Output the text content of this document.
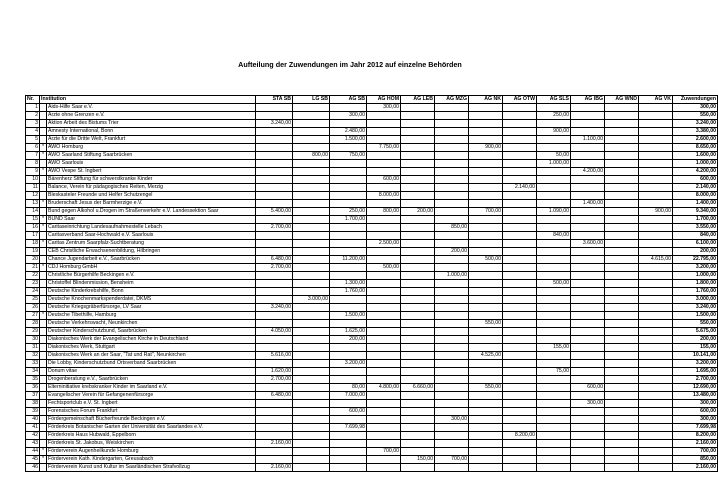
Aufteilung der Zuwendungen im Jahr 2012 auf einzelne Behörden
Nr.	Institution		STA SB	LG SB	AG SB	AG HOM	AG LEB	AG MZG	AG NK	AG OTW	AG SLS	AG IBG	AG WND	AG VK	Zuwendungen
1		Aids-Hilfe Saar e.V.				300,00									300,00
2		Ärzte ohne Grenzen e.V.			300,00						250,00				550,00
3		Aktion Arbeit des Bistums Trier	3.240,00												3.240,00
4		Amnesty International, Bonn			2.480,00						900,00				3.380,00
5		Ärzte für die Dritte Welt, Frankfurt			1.500,00							1.100,00			2.600,00
6	*	AWO Homburg				7.750,00			900,00						8.650,00
7	*	AWO Saarland Stiftung Saarbrücken		800,00	750,00						50,00				1.600,00
8		AWO Saarlouis									1.000,00				1.000,00
9	*	AWO Vespe St. Ingbert										4.200,00			4.200,00
10		Bärenherz Stiftung für schwerstkranke Kinder				600,00									600,00
11		Balance, Verein für pädagogisches Reiten, Merzig								2.140,00					2.140,00
12		Bleskasteler Freunde und Helfer Schutzengel				8.000,00									8.000,00
13	*	Bruderschaft Jesus der Barmherzige e.V.										1.400,00			1.400,00
14		Bund gegen Alkohol u.Drogen im Straßenverkehr e.V. Landessektion Saar	5.400,00		250,00	800,00	200,00		700,00		1.090,00			900,00	9.340,00
15	*	BUND Saar			1.700,00										1.700,00
16	*	Caritaseinrichtung Landesaufnahmestelle Lebach	2.700,00					850,00							3.550,00
17		Caritasverband Saar-Hochwald e.V. Saarlouis									840,00				840,00
18	*	Caritas Zentrum Saarpfalz-Suchtberatung				2.500,00						3.600,00			6.100,00
19		CEB Christliche Erwachsenenbildung, Hilbringen						200,00							200,00
20		Chance Jugendarbeit e.V., Saarbrücken	6.480,00		11.200,00				500,00					4.615,00	22.795,00
21	*	CDJ Homburg GmbH	2.700,00			500,00									3.200,00
22		Christliche Bürgerhilfe Beckingen e.V.						1.000,00							1.000,00
23		Christoffel Blindenmission, Bensheim			1.300,00						500,00				1.800,00
24		Deutsche Kinderkrebshilfe, Bonn			1.760,00										1.760,00
25		Deutsche Knochenmarkspenderdatei, DKMS		3.000,00											3.000,00
26		Deutsche Kriegsgräberfürsorge, LV Saar	3.240,00												3.240,00
27	*	Deutsche Tibethilfe, Hamburg			1.500,00										1.500,00
28		Deutsche Verkehrswacht, Neunkirchen							550,00						550,00
29		Deutscher Kinderschutzbund, Saarbrücken	4.050,00		1.625,00										5.675,00
30		Diakonisches Werk der Evangelischen Kirche in Deutschland			200,00										200,00
31		Diakonisches Werk, Stuttgart									155,00				155,00
32		Diakonisches Werk an der Saar, "Tat und Rat", Neunkirchen	5.616,00						4.525,00						10.141,00
33		Die Lobby, Kinderschutzbund Ortsverband Saarbrücken			3.200,00										3.200,00
34		Donum vitae	1.620,00								75,00				1.695,00
35		Drogenberatung e.V., Saarbrücken	2.700,00												2.700,00
36		Elterninitiative krebskranker Kinder im Saarland e.V.			80,00	4.800,00	6.660,00		550,00			600,00			12.690,00
37		Evangelischer Verein für Gefangenenfürsorge	6.480,00		7.000,00										13.480,00
38		Fechtsportclub e.V. St. Ingbert										300,00			300,00
39		Forensisches Forum Frankfurt			600,00										600,00
40		Fördergemeinschaft Bücherfreunde Beckingen e.V.						300,00							300,00
41		Förderkreis Botanischer Garten der Universität des Saarlandes e.V.			7.699,98										7.699,98
42		Förderkreis Haus Hubwald, Eppelborn								8.200,00					8.200,00
43		Förderkreis St. Jakobus, Weiskirchen	2.160,00												2.160,00
44	*	Förderverein Augenheilkunde Homburg				700,00									700,00
45	*	Förderverein Kath. Kindergarten, Greusabach					150,00	700,00							850,00
46		Förderverein Kunst und Kultur im Saarländischen Strafvollzug	2.160,00												2.160,00
